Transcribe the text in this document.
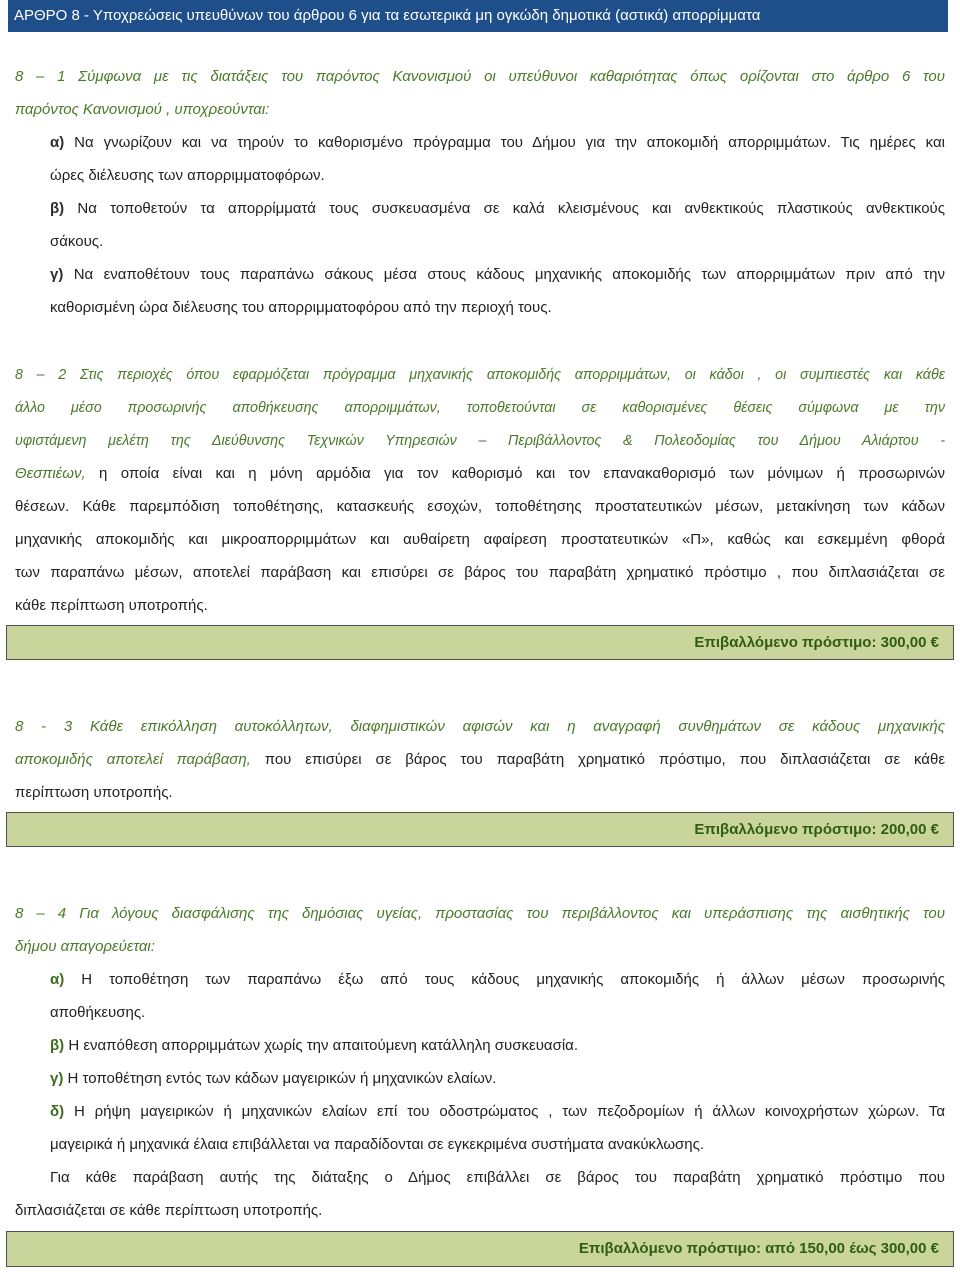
ΑΡΘΡΟ 8 - Υποχρεώσεις υπευθύνων του άρθρου 6 για τα εσωτερικά μη ογκώδη δημοτικά (αστικά) απορρίμματα
8 – 1 Σύμφωνα με τις διατάξεις του παρόντος Κανονισμού οι υπεύθυνοι καθαριότητας όπως ορίζονται στο άρθρο 6 του
παρόντος Κανονισμού , υποχρεούνται:
α) Να γνωρίζουν και να τηρούν το καθορισμένο πρόγραμμα του Δήμου για την αποκομιδή απορριμμάτων. Τις ημέρες και
ώρες διέλευσης των απορριμματοφόρων.
β) Να τοποθετούν τα απορρίμματά τους συσκευασμένα σε καλά κλεισμένους και ανθεκτικούς πλαστικούς ανθεκτικούς
σάκους.
γ) Να εναποθέτουν τους παραπάνω σάκους μέσα στους κάδους μηχανικής αποκομιδής των απορριμμάτων πριν από την
καθορισμένη ώρα διέλευσης του απορριμματοφόρου από την περιοχή τους.
8 – 2 Στις περιοχές όπου εφαρμόζεται πρόγραμμα μηχανικής αποκομιδής απορριμμάτων, οι κάδοι , οι συμπιεστές και κάθε
άλλο μέσο προσωρινής αποθήκευσης απορριμμάτων, τοποθετούνται σε καθορισμένες θέσεις σύμφωνα με την
υφιστάμενη μελέτη της Διεύθυνσης Τεχνικών Υπηρεσιών – Περιβάλλοντος & Πολεοδομίας του Δήμου Αλιάρτου -
Θεσπιέων, η οποία είναι και η μόνη αρμόδια για τον καθορισμό και τον επανακαθορισμό των μόνιμων ή προσωρινών
θέσεων. Κάθε παρεμπόδιση τοποθέτησης, κατασκευής εσοχών, τοποθέτησης προστατευτικών μέσων, μετακίνηση των κάδων
μηχανικής αποκομιδής και μικροαπορριμμάτων και αυθαίρετη αφαίρεση προστατευτικών «Π», καθώς και εσκεμμένη φθορά
των παραπάνω μέσων, αποτελεί παράβαση και επισύρει σε βάρος του παραβάτη χρηματικό πρόστιμο , που διπλασιάζεται σε
κάθε περίπτωση υποτροπής.
Επιβαλλόμενο πρόστιμο: 300,00 €
8 - 3 Κάθε επικόλληση αυτοκόλλητων, διαφημιστικών αφισών και η αναγραφή συνθημάτων σε κάδους μηχανικής
αποκομιδής αποτελεί παράβαση, που επισύρει σε βάρος του παραβάτη χρηματικό πρόστιμο, που διπλασιάζεται σε κάθε
περίπτωση υποτροπής.
Επιβαλλόμενο πρόστιμο: 200,00 €
8 – 4 Για λόγους διασφάλισης της δημόσιας υγείας, προστασίας του περιβάλλοντος και υπεράσπισης της αισθητικής του
δήμου απαγορεύεται:
α) Η τοποθέτηση των παραπάνω έξω από τους κάδους μηχανικής αποκομιδής ή άλλων μέσων προσωρινής
αποθήκευσης.
β) Η εναπόθεση απορριμμάτων χωρίς την απαιτούμενη κατάλληλη συσκευασία.
γ) Η τοποθέτηση εντός των κάδων μαγειρικών ή μηχανικών ελαίων.
δ) Η ρήψη μαγειρικών ή μηχανικών ελαίων επί του οδοστρώματος , των πεζοδρομίων ή άλλων κοινοχρήστων χώρων. Τα
μαγειρικά ή μηχανικά έλαια επιβάλλεται να παραδίδονται σε εγκεκριμένα συστήματα ανακύκλωσης.
Για κάθε παράβαση αυτής της διάταξης ο Δήμος επιβάλλει σε βάρος του παραβάτη χρηματικό πρόστιμο που
διπλασιάζεται σε κάθε περίπτωση υποτροπής.
Επιβαλλόμενο πρόστιμο: από 150,00 έως 300,00 €
